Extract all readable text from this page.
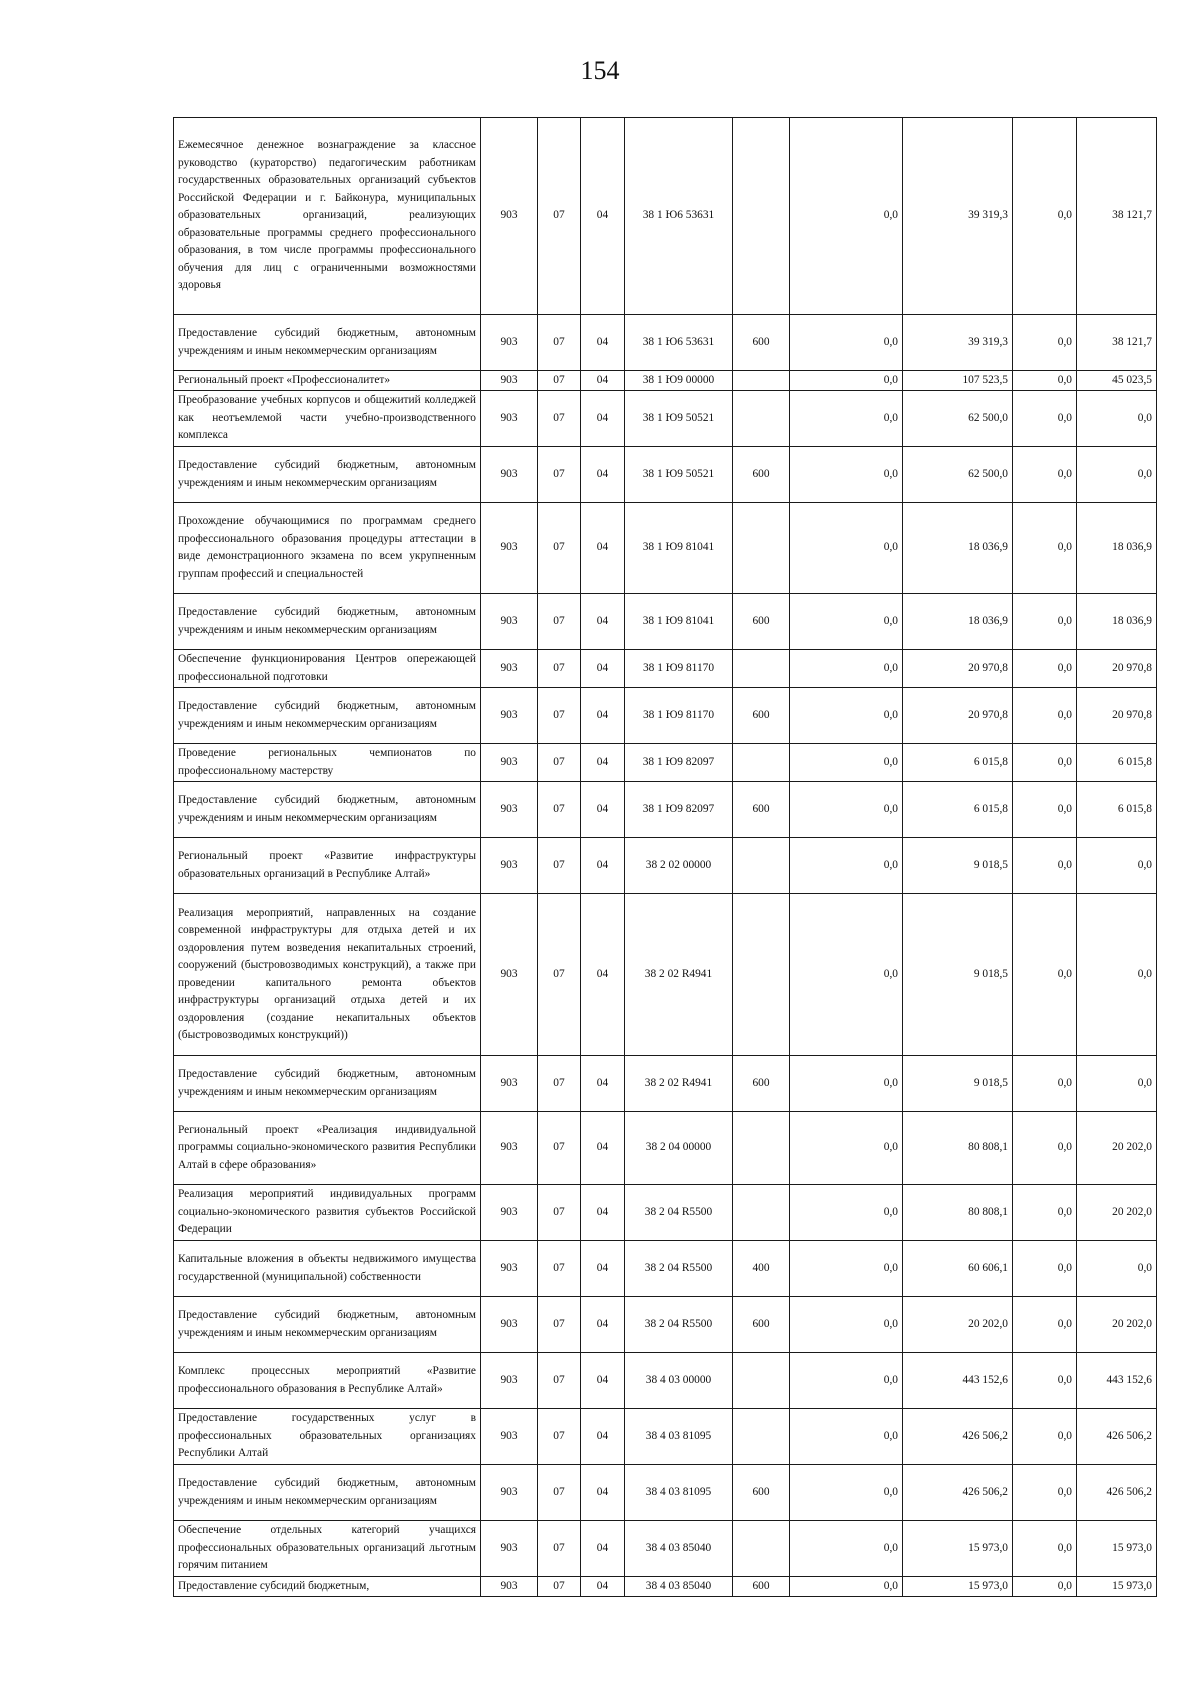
154
Ежемесячное денежное вознаграждение за классное руководство (кураторство) педагогическим работникам государственных образовательных организаций субъектов Российской Федерации и г. Байконура, муниципальных образовательных организаций, реализующих образовательные программы среднего профессионального образования, в том числе программы профессионального обучения для лиц с ограниченными возможностями здоровья	903	07	04	38 1 Ю6 53631		0,0	39 319,3	0,0	38 121,7
Предоставление субсидий бюджетным, автономным учреждениям и иным некоммерческим организациям	903	07	04	38 1 Ю6 53631	600	0,0	39 319,3	0,0	38 121,7
Региональный проект «Профессионалитет»	903	07	04	38 1 Ю9 00000		0,0	107 523,5	0,0	45 023,5
Преобразование учебных корпусов и общежитий колледжей как неотъемлемой части учебно-производственного комплекса	903	07	04	38 1 Ю9 50521		0,0	62 500,0	0,0	0,0
Предоставление субсидий бюджетным, автономным учреждениям и иным некоммерческим организациям	903	07	04	38 1 Ю9 50521	600	0,0	62 500,0	0,0	0,0
Прохождение обучающимися по программам среднего профессионального образования процедуры аттестации в виде демонстрационного экзамена по всем укрупненным группам профессий и специальностей	903	07	04	38 1 Ю9 81041		0,0	18 036,9	0,0	18 036,9
Предоставление субсидий бюджетным, автономным учреждениям и иным некоммерческим организациям	903	07	04	38 1 Ю9 81041	600	0,0	18 036,9	0,0	18 036,9
Обеспечение функционирования Центров опережающей профессиональной подготовки	903	07	04	38 1 Ю9 81170		0,0	20 970,8	0,0	20 970,8
Предоставление субсидий бюджетным, автономным учреждениям и иным некоммерческим организациям	903	07	04	38 1 Ю9 81170	600	0,0	20 970,8	0,0	20 970,8
Проведение региональных чемпионатов по профессиональному мастерству	903	07	04	38 1 Ю9 82097		0,0	6 015,8	0,0	6 015,8
Предоставление субсидий бюджетным, автономным учреждениям и иным некоммерческим организациям	903	07	04	38 1 Ю9 82097	600	0,0	6 015,8	0,0	6 015,8
Региональный проект «Развитие инфраструктуры образовательных организаций в Республике Алтай»	903	07	04	38 2 02 00000		0,0	9 018,5	0,0	0,0
Реализация мероприятий, направленных на создание современной инфраструктуры для отдыха детей и их оздоровления путем возведения некапитальных строений, сооружений (быстровозводимых конструкций), а также при проведении капитального ремонта объектов инфраструктуры организаций отдыха детей и их оздоровления (создание некапитальных объектов (быстровозводимых конструкций))	903	07	04	38 2 02 R4941		0,0	9 018,5	0,0	0,0
Предоставление субсидий бюджетным, автономным учреждениям и иным некоммерческим организациям	903	07	04	38 2 02 R4941	600	0,0	9 018,5	0,0	0,0
Региональный проект «Реализация индивидуальной программы социально-экономического развития Республики Алтай в сфере образования»	903	07	04	38 2 04 00000		0,0	80 808,1	0,0	20 202,0
Реализация мероприятий индивидуальных программ социально-экономического развития субъектов Российской Федерации	903	07	04	38 2 04 R5500		0,0	80 808,1	0,0	20 202,0
Капитальные вложения в объекты недвижимого имущества государственной (муниципальной) собственности	903	07	04	38 2 04 R5500	400	0,0	60 606,1	0,0	0,0
Предоставление субсидий бюджетным, автономным учреждениям и иным некоммерческим организациям	903	07	04	38 2 04 R5500	600	0,0	20 202,0	0,0	20 202,0
Комплекс процессных мероприятий «Развитие профессионального образования в Республике Алтай»	903	07	04	38 4 03 00000		0,0	443 152,6	0,0	443 152,6
Предоставление государственных услуг в профессиональных образовательных организациях Республики Алтай	903	07	04	38 4 03 81095		0,0	426 506,2	0,0	426 506,2
Предоставление субсидий бюджетным, автономным учреждениям и иным некоммерческим организациям	903	07	04	38 4 03 81095	600	0,0	426 506,2	0,0	426 506,2
Обеспечение отдельных категорий учащихся профессиональных образовательных организаций льготным горячим питанием	903	07	04	38 4 03 85040		0,0	15 973,0	0,0	15 973,0
Предоставление субсидий бюджетным,	903	07	04	38 4 03 85040	600	0,0	15 973,0	0,0	15 973,0
